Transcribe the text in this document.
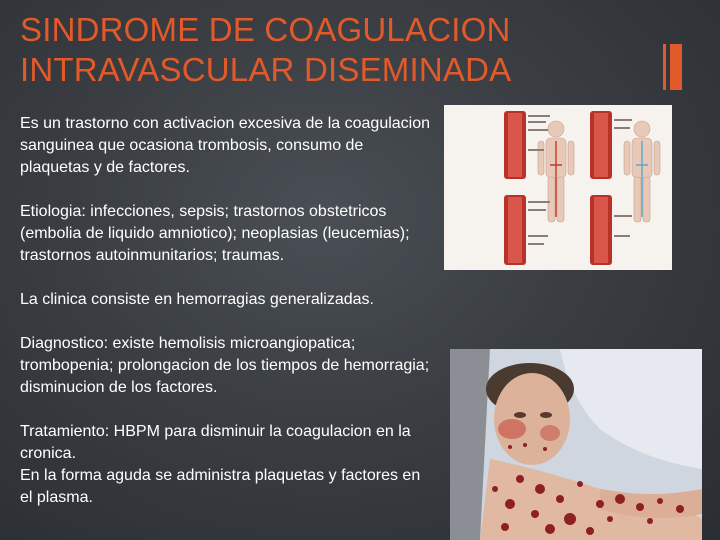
SINDROME DE COAGULACION
INTRAVASCULAR DISEMINADA

Es un trastorno con activacion excesiva de la coagulacion sanguinea que ocasiona trombosis, consumo de plaquetas y de factores.

Etiologia: infecciones, sepsis; trastornos obstetricos (embolia de liquido amniotico); neoplasias (leucemias); trastornos autoinmunitarios; traumas.

La clinica consiste en hemorragias generalizadas.

Diagnostico: existe hemolisis microangiopatica; trombopenia; prolongacion de los tiempos de hemorragia; disminucion de los factores.

Tratamiento: HBPM para disminuir la coagulacion en la cronica.

En la forma aguda se administra plaquetas y factores en el plasma.
